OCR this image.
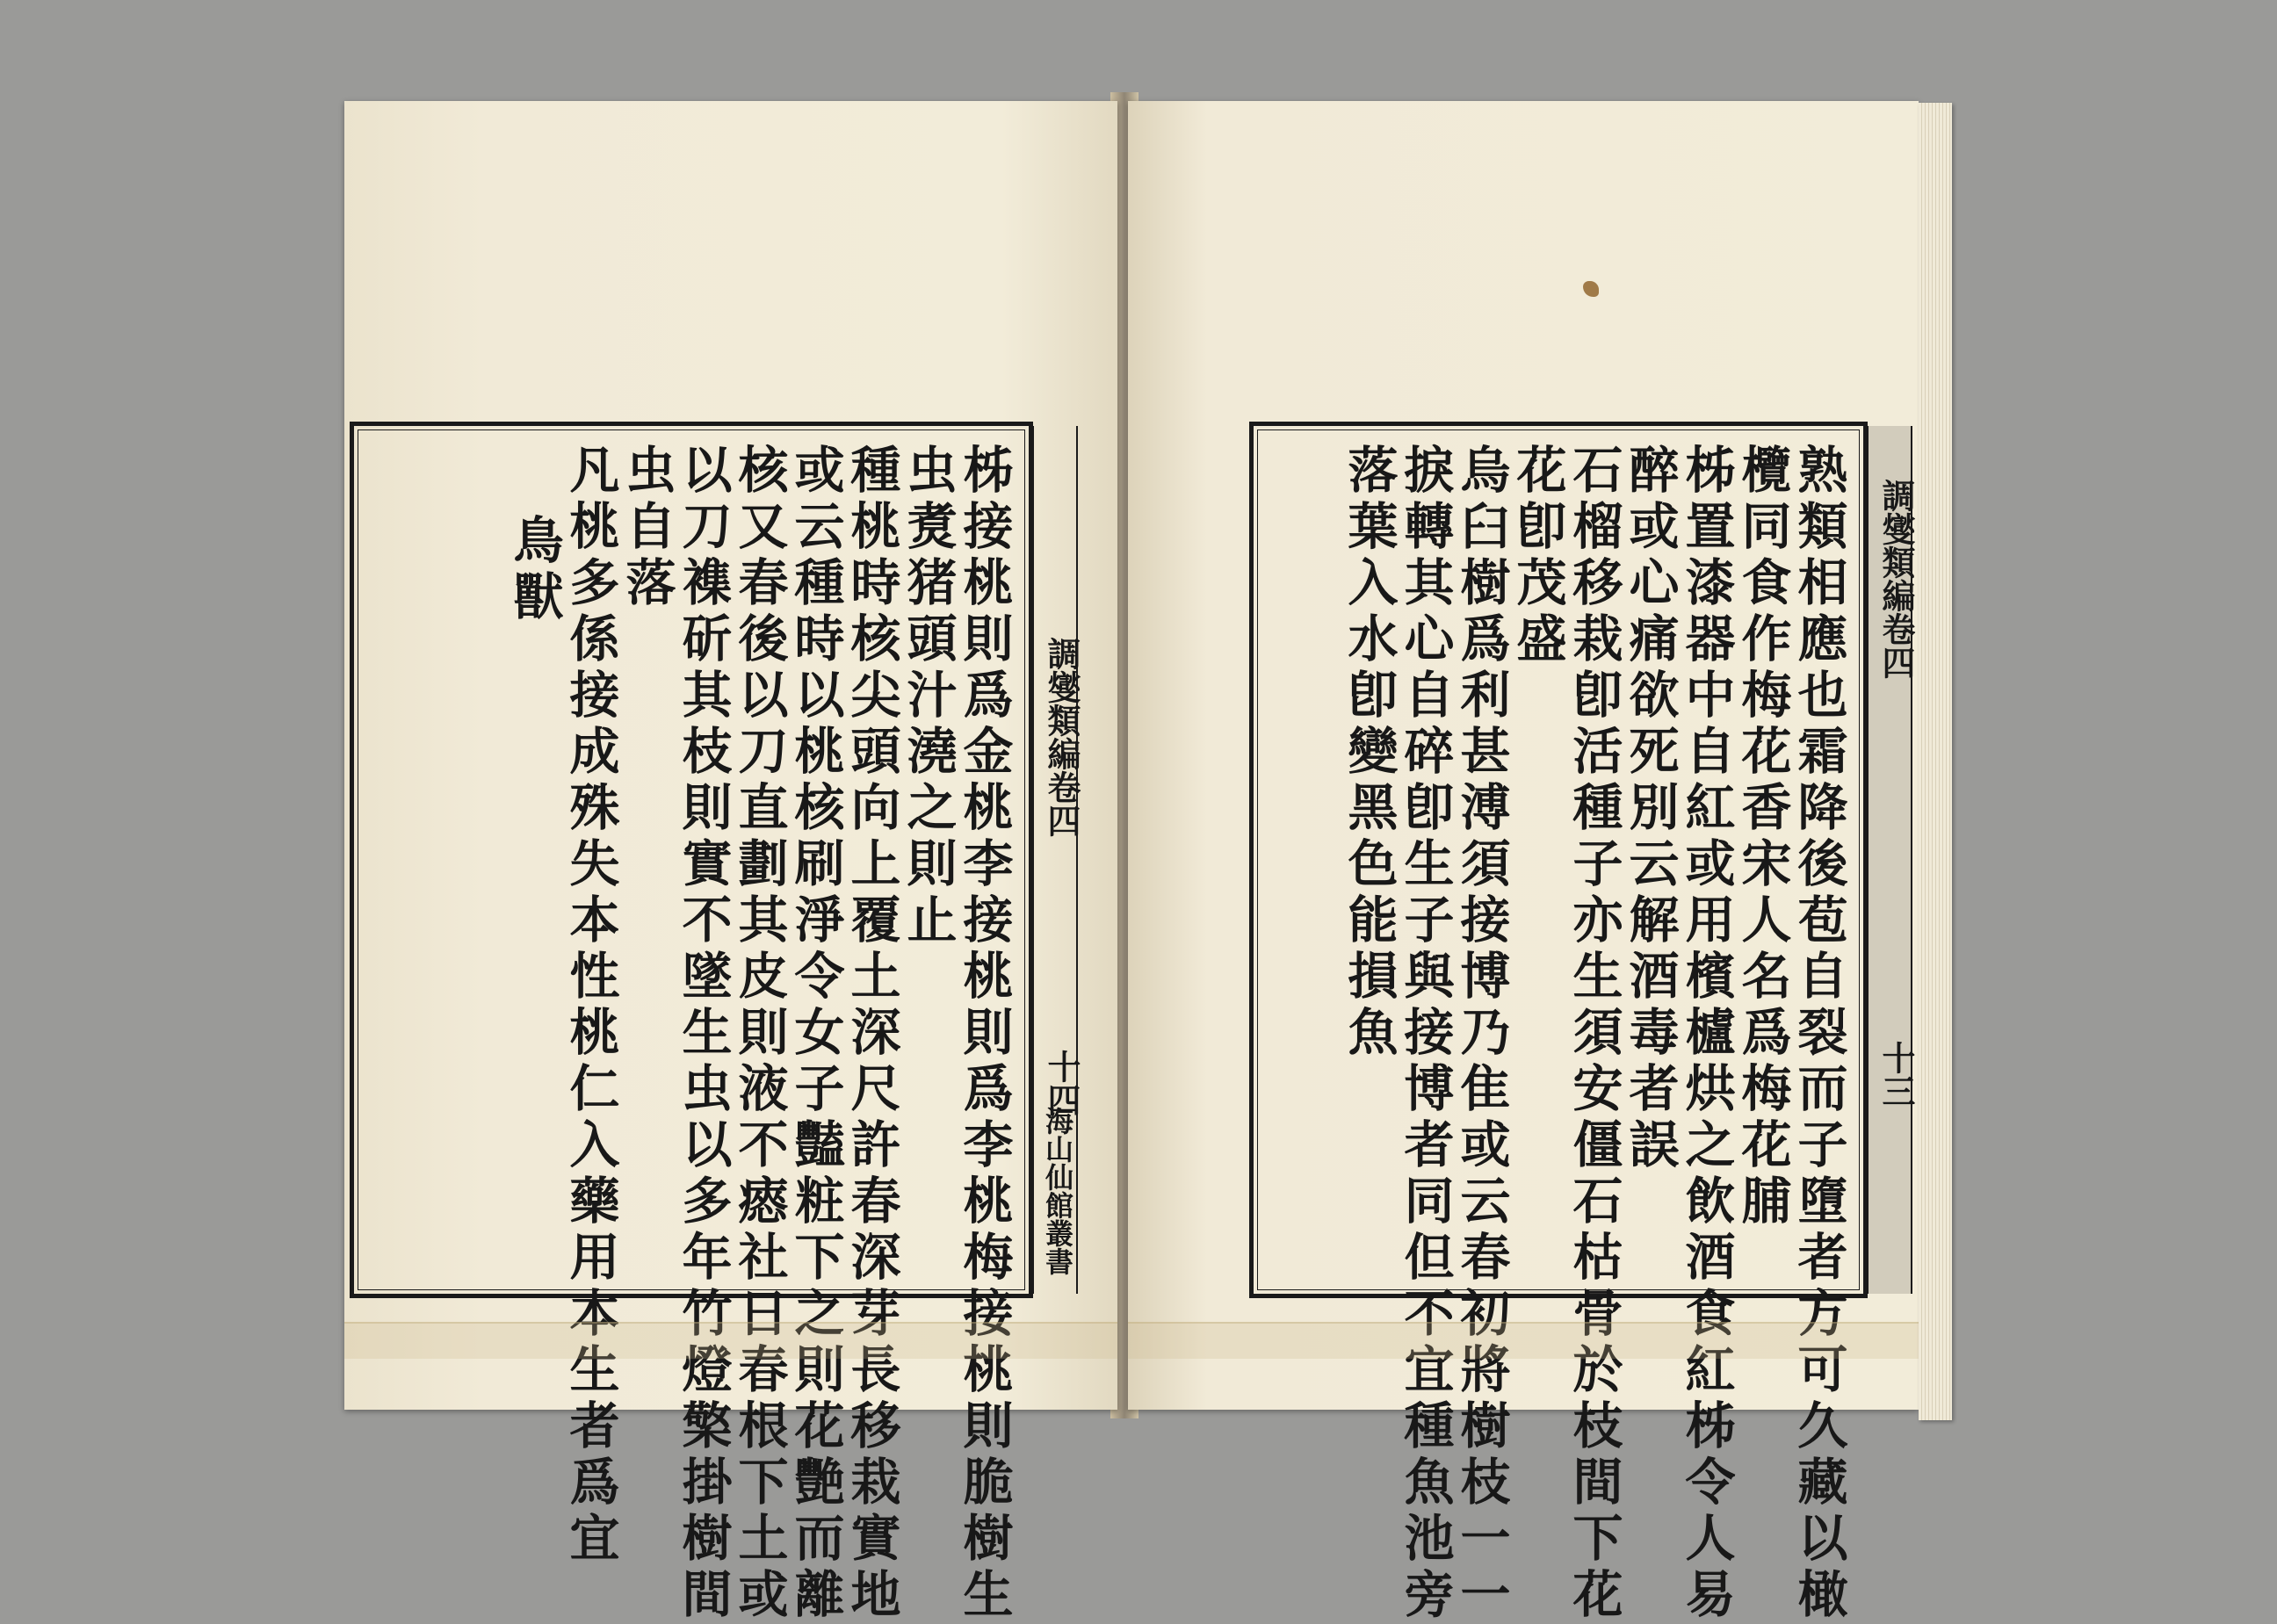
調燮類編卷四
十四
海山仙館叢書
柹接桃則爲金桃李接桃則爲李桃梅接桃則脆樹生
虫煑猪頭汁澆之則止
種桃時核尖頭向上覆土深尺許春深芽長移栽實地
或云種時以桃核刷淨令女子豔粧下之則花艷而離
核又春後以刀直劃其皮則液不瘱社日春根下土或
以刀襍斫其枝則實不墜生虫以多年竹燈檠掛樹間
虫自落
凡桃多係接成殊失本性桃仁入藥用本生者爲宜
鳥獸	調燮類編卷四
十三
熟類相應也霜降後苞自裂而子墮者方可久藏以橄
欖同食作梅花香宋人名爲梅花脯
柹置漆器中自紅或用檳櫨烘之飲酒食紅柹令人易
醉或心痛欲死別云解酒毒者誤
石榴移栽卽活種子亦生須安僵石枯骨於枝間下花
花卽茂盛
烏臼樹爲利甚溥須接博乃隹或云春初將樹枝一一
捩轉其心自碎卽生子與接博者同但不宜種魚池旁
落葉入水卽變黑色能損魚
